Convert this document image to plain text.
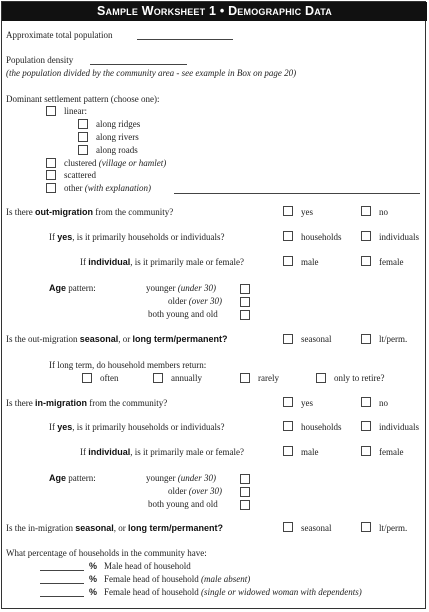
Sample Worksheet 1 • Demographic Data
Approximate total population
Population density
(the population divided by the community area - see example in Box on page 20)
Dominant settlement pattern (choose one):
linear:
along ridges
along rivers
along roads
clustered (village or hamlet)
scattered
other (with explanation)
Is there out-migration from the community?	yes	no
If yes, is it primarily households or individuals?	households	individuals
If individual, is it primarily male or female?	male	female
Age pattern:	younger (under 30)
older (over 30)
both young and old
Is the out-migration seasonal, or long term/permanent?	seasonal	lt/perm.
If long term, do household members return:
often	annually	rarely	only to retire?
Is there in-migration from the community?	yes	no
If yes, is it primarily households or individuals?	households	individuals
If individual, is it primarily male or female?	male	female
Age pattern:	younger (under 30)
older (over 30)
both young and old
Is the in-migration seasonal, or long term/permanent?	seasonal	lt/perm.
What percentage of households in the community have:
% Male head of household
% Female head of household (male absent)
% Female head of household (single or widowed woman with dependents)
